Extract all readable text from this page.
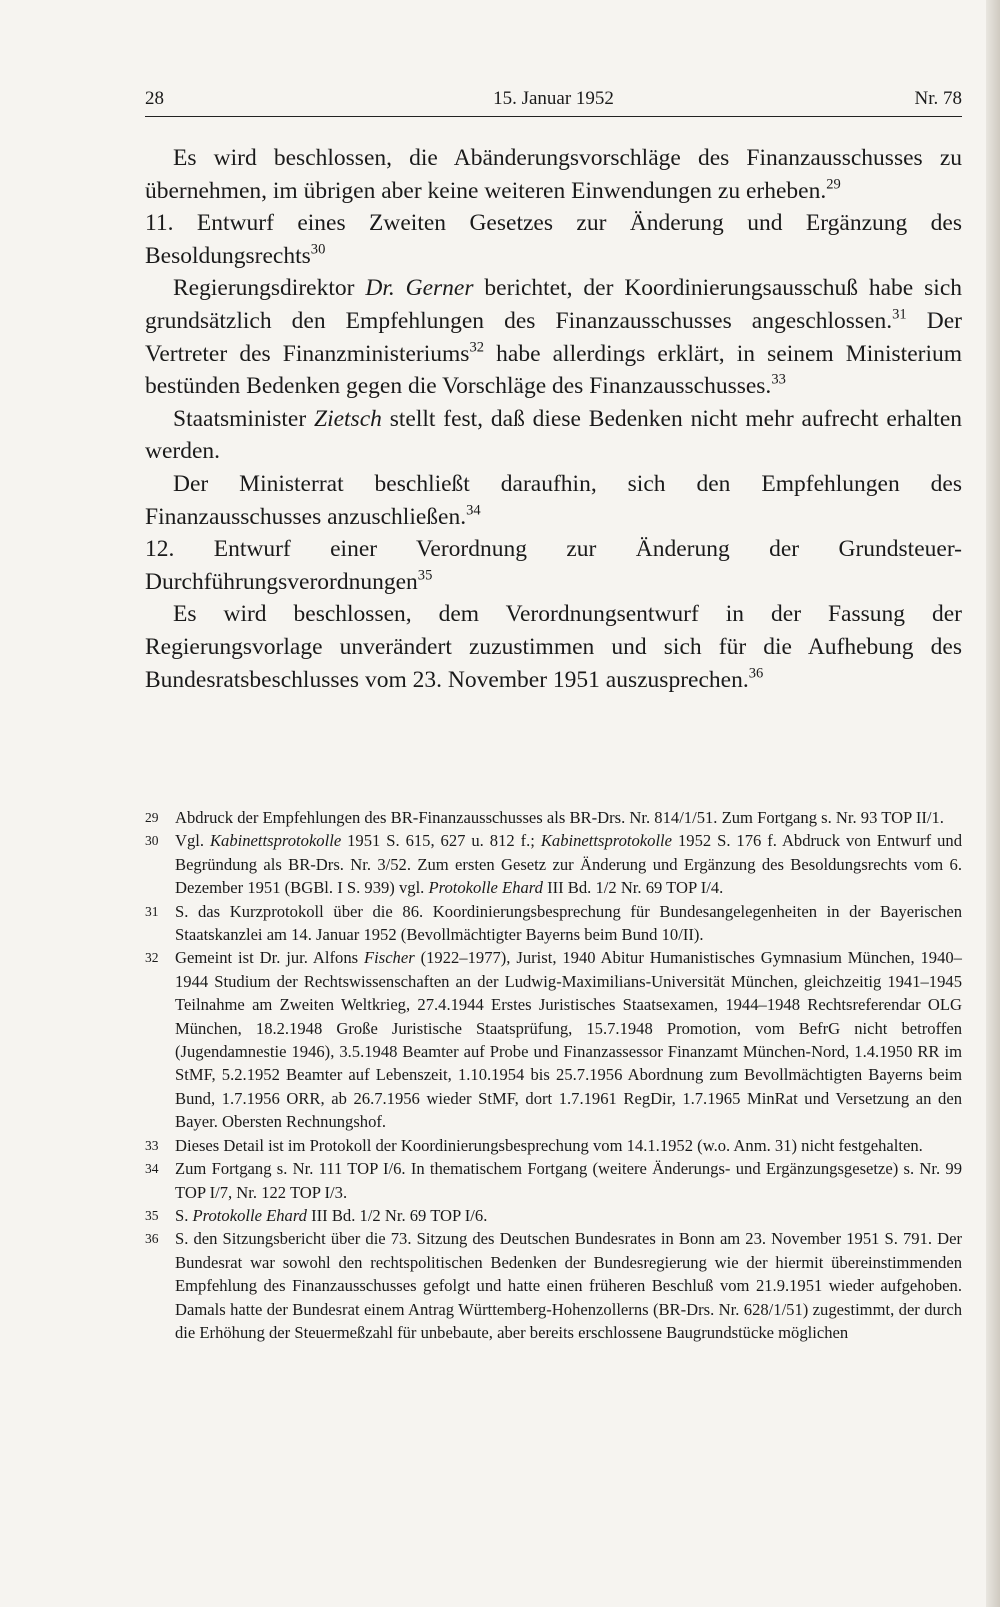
28	15. Januar 1952	Nr. 78

Es wird beschlossen, die Abänderungsvorschläge des Finanzausschusses zu übernehmen, im übrigen aber keine weiteren Einwendungen zu erheben.$^{29}$

11. Entwurf eines Zweiten Gesetzes zur Änderung und Ergänzung des Besoldungsrechts$^{30}$

Regierungsdirektor Dr. Gerner berichtet, der Koordinierungsausschuß habe sich grundsätzlich den Empfehlungen des Finanzausschusses angeschlossen.$^{31}$ Der Vertreter des Finanzministeriums$^{32}$ habe allerdings erklärt, in seinem Ministerium bestünden Bedenken gegen die Vorschläge des Finanzausschusses.$^{33}$

Staatsminister Zietsch stellt fest, daß diese Bedenken nicht mehr aufrecht erhalten werden.

Der Ministerrat beschließt daraufhin, sich den Empfehlungen des Finanzausschusses anzuschließen.$^{34}$

12. Entwurf einer Verordnung zur Änderung der Grundsteuer-Durchführungsverordnungen$^{35}$

Es wird beschlossen, dem Verordnungsentwurf in der Fassung der Regierungsvorlage unverändert zuzustimmen und sich für die Aufhebung des Bundesratsbeschlusses vom 23. November 1951 auszusprechen.$^{36}$

29 Abdruck der Empfehlungen des BR-Finanzausschusses als BR-Drs. Nr. 814/1/51. Zum Fortgang s. Nr. 93 TOP II/1.

30 Vgl. Kabinettsprotokolle 1951 S. 615, 627 u. 812 f.; Kabinettsprotokolle 1952 S. 176 f. Abdruck von Entwurf und Begründung als BR-Drs. Nr. 3/52. Zum ersten Gesetz zur Änderung und Ergänzung des Besoldungsrechts vom 6. Dezember 1951 (BGBl. I S. 939) vgl. Protokolle Ehard III Bd. 1/2 Nr. 69 TOP I/4.

31 S. das Kurzprotokoll über die 86. Koordinierungsbesprechung für Bundesangelegenheiten in der Bayerischen Staatskanzlei am 14. Januar 1952 (Bevollmächtigter Bayerns beim Bund 10/II).

32 Gemeint ist Dr. jur. Alfons Fischer (1922–1977), Jurist, 1940 Abitur Humanistisches Gymnasium München, 1940–1944 Studium der Rechtswissenschaften an der Ludwig-Maximilians-Universität München, gleichzeitig 1941–1945 Teilnahme am Zweiten Weltkrieg, 27.4.1944 Erstes Juristisches Staatsexamen, 1944–1948 Rechtsreferendar OLG München, 18.2.1948 Große Juristische Staatsprüfung, 15.7.1948 Promotion, vom BefrG nicht betroffen (Jugendamnestie 1946), 3.5.1948 Beamter auf Probe und Finanzassessor Finanzamt München-Nord, 1.4.1950 RR im StMF, 5.2.1952 Beamter auf Lebenszeit, 1.10.1954 bis 25.7.1956 Abordnung zum Bevollmächtigten Bayerns beim Bund, 1.7.1956 ORR, ab 26.7.1956 wieder StMF, dort 1.7.1961 RegDir, 1.7.1965 MinRat und Versetzung an den Bayer. Obersten Rechnungshof.

33 Dieses Detail ist im Protokoll der Koordinierungsbesprechung vom 14.1.1952 (w.o. Anm. 31) nicht festgehalten.

34 Zum Fortgang s. Nr. 111 TOP I/6. In thematischem Fortgang (weitere Änderungs- und Ergänzungsgesetze) s. Nr. 99 TOP I/7, Nr. 122 TOP I/3.

35 S. Protokolle Ehard III Bd. 1/2 Nr. 69 TOP I/6.

36 S. den Sitzungsbericht über die 73. Sitzung des Deutschen Bundesrates in Bonn am 23. November 1951 S. 791. Der Bundesrat war sowohl den rechtspolitischen Bedenken der Bundesregierung wie der hiermit übereinstimmenden Empfehlung des Finanzausschusses gefolgt und hatte einen früheren Beschluß vom 21.9.1951 wieder aufgehoben. Damals hatte der Bundesrat einem Antrag Württemberg-Hohenzollerns (BR-Drs. Nr. 628/1/51) zugestimmt, der durch die Erhöhung der Steuermeßzahl für unbebaute, aber bereits erschlossene Baugrundstücke möglichen
